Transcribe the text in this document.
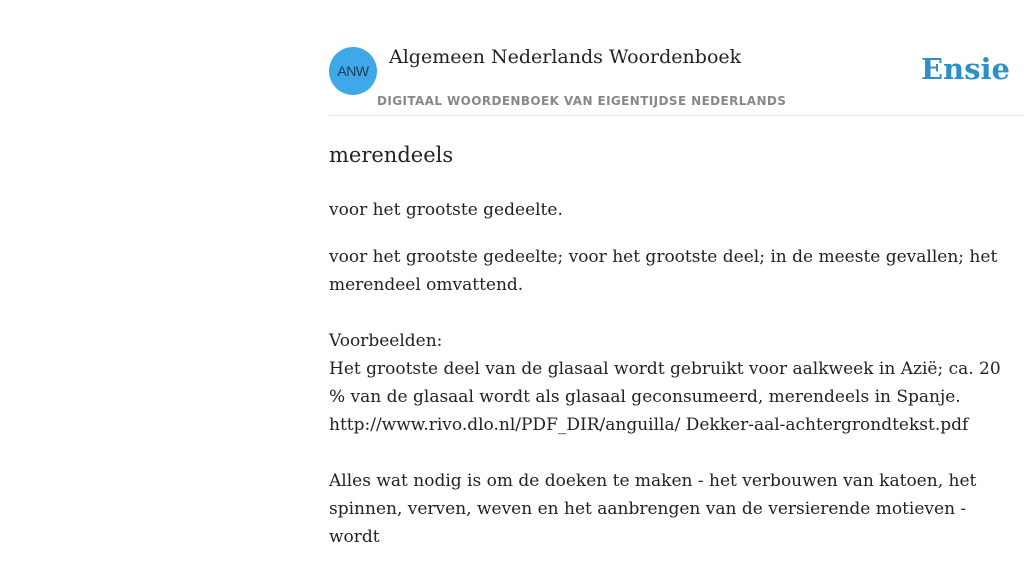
ANW
Algemeen Nederlands Woordenboek
DIGITAAL WOORDENBOEK VAN EIGENTIJDSE NEDERLANDS
Ensie
merendeels

voor het grootste gedeelte.

voor het grootste gedeelte; voor het grootste deel; in de meeste gevallen; het merendeel omvattend.

Voorbeelden:
Het grootste deel van de glasaal wordt gebruikt voor aalkweek in Azië; ca. 20 % van de glasaal wordt als glasaal geconsumeerd, merendeels in Spanje.
http://www.rivo.dlo.nl/PDF_DIR/anguilla/ Dekker-aal-achtergrondtekst.pdf

Alles wat nodig is om de doeken te maken - het verbouwen van katoen, het spinnen, verven, weven en het aanbrengen van de versierende motieven - wordt
